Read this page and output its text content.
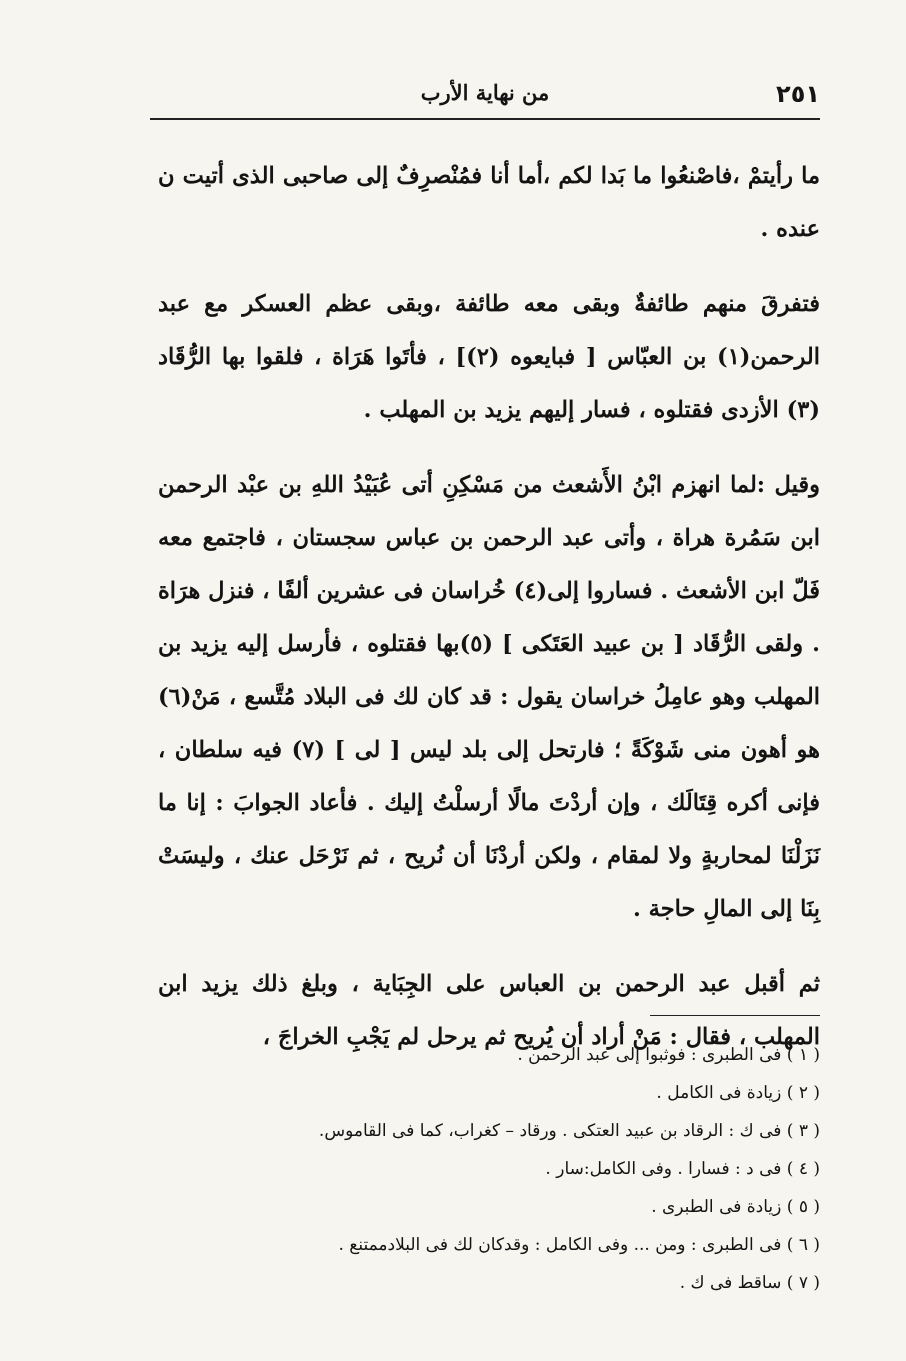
٢٥١
من نهاية الأرب

ما رأيتمْ ،فاصْنعُوا ما بَدا لكم ،أما أنا فمُنْصرِفٌ إلى صاحبى الذى أتيت ن عنده .

فتفرقَ منهم طائفةٌ وبقى معه طائفة ،وبقى عظم العسكر مع عبد الرحمن(١) بن العبّاس [ فبايعوه (٢)] ، فأتَوا هَرَاة ، فلقوا بها الرُّقَاد (٣) الأزدى فقتلوه ، فسار إليهم يزيد بن المهلب .

وقيل :لما انهزم ابْنُ الأَشعث من مَسْكِنِ أتى عُبَيْدُ اللهِ بن عبْد الرحمن ابن سَمُرة هراة ، وأتى عبد الرحمن بن عباس سجستان ، فاجتمع معه فَلّ ابن الأشعث . فساروا إلى(٤) خُراسان فى عشرين ألفًا ، فنزل هرَاة . ولقى الرُّقَاد [ بن عبيد العَتَكى ] (٥)بها فقتلوه ، فأرسل إليه يزيد بن المهلب وهو عامِلُ خراسان يقول : قد كان لك فى البلاد مُتَّسع ، مَنْ(٦) هو أهون منى شَوْكَةً ؛ فارتحل إلى بلد ليس [ لى ] (٧) فيه سلطان ، فإنى أكره قِتَالَك ، وإن أردْتَ مالًا أرسلْتُ إليك . فأعاد الجوابَ : إنا ما نَزَلْنَا لمحاربةٍ ولا لمقام ، ولكن أردْنَا أن نُريح ، ثم نَرْحَل عنك ، وليسَتْ بِنَا إلى المالِ حاجة .

ثم أقبل عبد الرحمن بن العباس على الجِبَاية ، وبلغ ذلك يزيد ابن المهلب ، فقال : مَنْ أراد أن يُريح ثم يرحل لم يَجْبِ الخراجَ ،

( ١ ) فى الطبرى : فوثبوا إلى عبد الرحمن .
( ٢ ) زيادة فى الكامل .
( ٣ ) فى ك : الرقاد بن عبيد العتكى . ورقاد – كغراب، كما فى القاموس.
( ٤ ) فى د : فسارا . وفى الكامل:سار .
( ٥ ) زيادة فى الطبرى .
( ٦ ) فى الطبرى : ومن ... وفى الكامل : وقدكان لك فى البلادممتنع .
( ٧ ) ساقط فى ك .
